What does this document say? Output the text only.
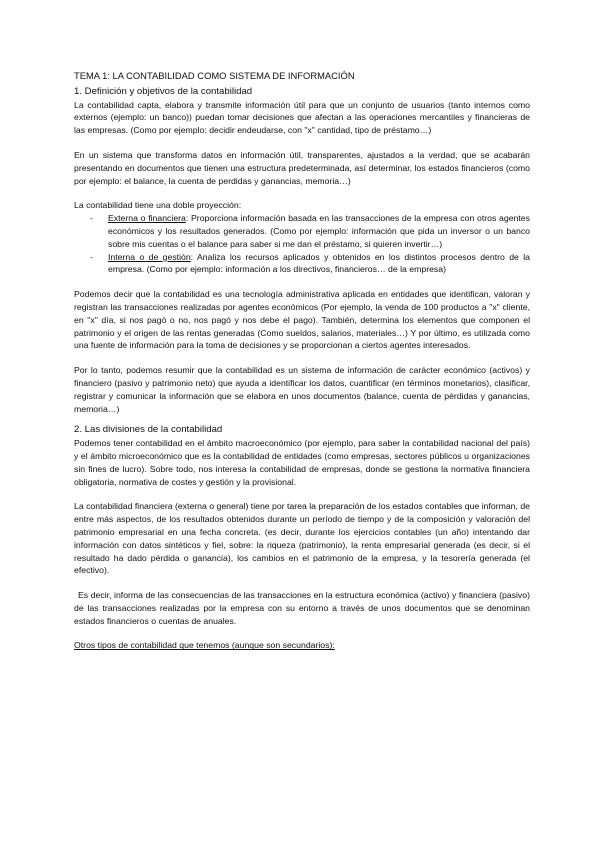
TEMA 1: LA CONTABILIDAD COMO SISTEMA DE INFORMACIÓN
1. Definición y objetivos de la contabilidad

La contabilidad capta, elabora y transmite información útil para que un conjunto de usuarios (tanto internos como externos (ejemplo: un banco)) puedan tomar decisiones que afectan a las operaciones mercantiles y financieras de las empresas. (Como por ejemplo: decidir endeudarse, con "x" cantidad, tipo de préstamo…)

En un sistema que transforma datos en información útil, transparentes, ajustados a la verdad, que se acabarán presentando en documentos que tienen una estructura predeterminada, así determinar, los estados financieros (como por ejemplo: el balance, la cuenta de perdidas y ganancias, memoria…)

La contabilidad tiene una doble proyección:

- Externa o financiera: Proporciona información basada en las transacciones de la empresa con otros agentes económicos y los resultados generados. (Como por ejemplo: información que pida un inversor o un banco sobre mis cuentas o el balance para saber si me dan el préstamo, si quieren invertir…)
- Interna o de gestión: Analiza los recursos aplicados y obtenidos en los distintos procesos dentro de la empresa. (Como por ejemplo: información a los directivos, financieros… de la empresa)

Podemos decir que la contabilidad es una tecnología administrativa aplicada en entidades que identifican, valoran y registran las transacciones realizadas por agentes económicos (Por ejemplo, la venda de 100 productos a "x" cliente, en "x" día, si nos pagó o no, nos pagó y nos debe el pago). También, determina los elementos que componen el patrimonio y el origen de las rentas generadas (Como sueldos, salarios, materiales…) Y por último, es utilizada como una fuente de información para la toma de decisiones y se proporcionan a ciertos agentes interesados.

Por lo tanto, podemos resumir que la contabilidad es un sistema de información de carácter económico (activos) y financiero (pasivo y patrimonio neto) que ayuda a identificar los datos, cuantificar (en términos monetarios), clasificar, registrar y comunicar la información que se elabora en unos documentos (balance, cuenta de pérdidas y ganancias, memoria…)

2. Las divisiones de la contabilidad

Podemos tener contabilidad en el ámbito macroeconómico (por ejemplo, para saber la contabilidad nacional del país) y el ámbito microeconómico que es la contabilidad de entidades (como empresas, sectores públicos u organizaciones sin fines de lucro). Sobre todo, nos interesa la contabilidad de empresas, donde se gestiona la normativa financiera obligatoria, normativa de costes y gestión y la provisional.

La contabilidad financiera (externa o general) tiene por tarea la preparación de los estados contables que informan, de entre más aspectos, de los resultados obtenidos durante un período de tiempo y de la composición y valoración del patrimonio empresarial en una fecha concreta. (es decir, durante los ejercicios contables (un año) intentando dar información con datos sintéticos y fiel, sobre: la riqueza (patrimonio), la renta empresarial generada (es decir, si el resultado ha dado pérdida o ganancia), los cambios en el patrimonio de la empresa, y la tesorería generada (el efectivo).

Es decir, informa de las consecuencias de las transacciones en la estructura económica (activo) y financiera (pasivo) de las transacciones realizadas por la empresa con su entorno a través de unos documentos que se denominan estados financieros o cuentas de anuales.

Otros tipos de contabilidad que tenemos (aunque son secundarios):
